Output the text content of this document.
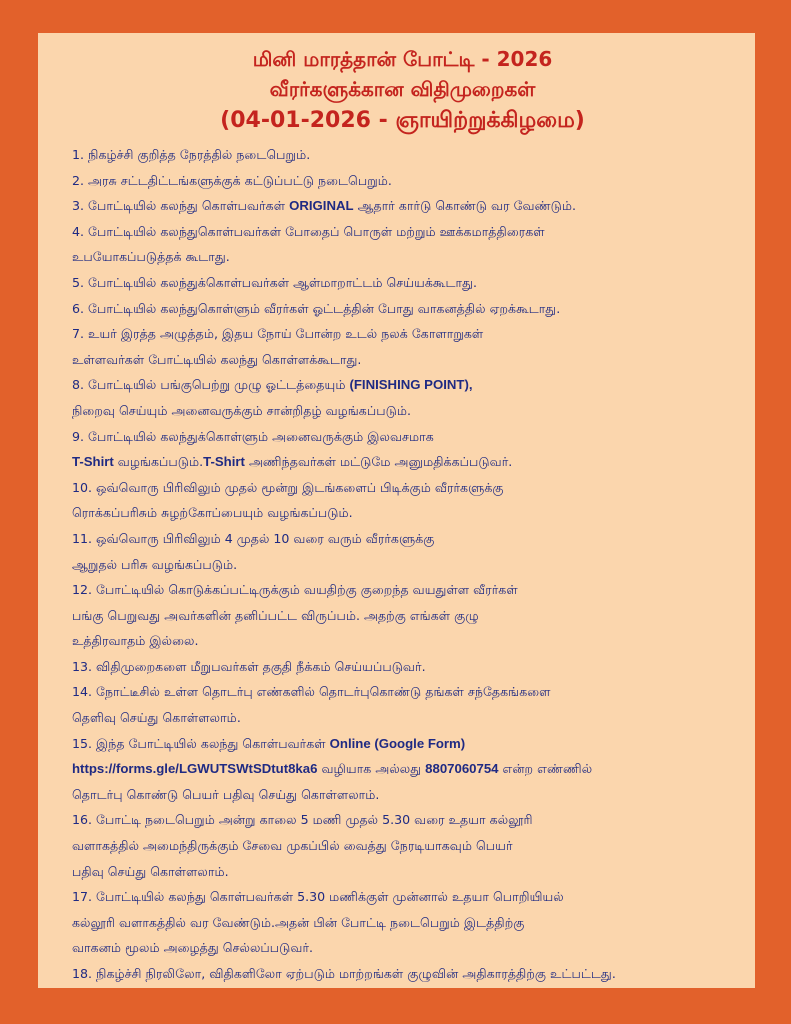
மினி மாரத்தான் போட்டி - 2026

வீரர்களுக்கான விதிமுறைகள்

(04-01-2026 - ஞாயிற்றுக்கிழமை)

1. நிகழ்ச்சி குறித்த நேரத்தில் நடைபெறும்.
2. அரசு சட்டதிட்டங்களுக்குக் கட்டுப்பட்டு நடைபெறும்.
3. போட்டியில் கலந்து கொள்பவர்கள் ORIGINAL ஆதார் கார்டு கொண்டு வர வேண்டும்.
4. போட்டியில் கலந்துகொள்பவர்கள் போதைப் பொருள் மற்றும் ஊக்கமாத்திரைகள்
உபயோகப்படுத்தக் கூடாது.
5. போட்டியில் கலந்துக்கொள்பவர்கள் ஆள்மாறாட்டம் செய்யக்கூடாது.
6. போட்டியில் கலந்துகொள்ளும் வீரர்கள் ஓட்டத்தின் போது வாகனத்தில் ஏறக்கூடாது.
7. உயர் இரத்த அழுத்தம், இதய நோய் போன்ற உடல் நலக் கோளாறுகள்
உள்ளவர்கள் போட்டியில் கலந்து கொள்ளக்கூடாது.
8. போட்டியில் பங்குபெற்று முழு ஓட்டத்தையும் (FINISHING POINT),
நிறைவு செய்யும் அனைவருக்கும் சான்றிதழ் வழங்கப்படும்.
9. போட்டியில் கலந்துக்கொள்ளும் அனைவருக்கும் இலவசமாக
T-Shirt வழங்கப்படும்.T-Shirt அணிந்தவர்கள் மட்டுமே அனுமதிக்கப்படுவர்.
10. ஒவ்வொரு பிரிவிலும் முதல் மூன்று இடங்களைப் பிடிக்கும் வீரர்களுக்கு
ரொக்கப்பரிசும் சுழற்கோப்பையும் வழங்கப்படும்.
11. ஒவ்வொரு பிரிவிலும் 4 முதல் 10 வரை வரும் வீரர்களுக்கு
ஆறுதல் பரிசு வழங்கப்படும்.
12. போட்டியில் கொடுக்கப்பட்டிருக்கும் வயதிற்கு குறைந்த வயதுள்ள வீரர்கள்
பங்கு பெறுவது அவர்களின் தனிப்பட்ட விருப்பம். அதற்கு எங்கள் குழு
உத்திரவாதம் இல்லை.
13. விதிமுறைகளை மீறுபவர்கள் தகுதி நீக்கம் செய்யப்படுவர்.
14. நோட்டீசில் உள்ள தொடர்பு எண்களில் தொடர்புகொண்டு தங்கள் சந்தேகங்களை
தெளிவு செய்து கொள்ளலாம்.
15. இந்த போட்டியில் கலந்து கொள்பவர்கள் Online (Google Form)
https://forms.gle/LGWUTSWtSDtut8ka6 வழியாக அல்லது 8807060754 என்ற எண்ணில்
தொடர்பு கொண்டு பெயர் பதிவு செய்து கொள்ளலாம்.
16. போட்டி நடைபெறும் அன்று காலை 5 மணி முதல் 5.30 வரை உதயா கல்லூரி
வளாகத்தில் அமைந்திருக்கும் சேவை முகப்பில் வைத்து நேரடியாகவும் பெயர்
பதிவு செய்து கொள்ளலாம்.
17. போட்டியில் கலந்து கொள்பவர்கள் 5.30 மணிக்குள் முன்னால் உதயா பொறியியல்
கல்லூரி வளாகத்தில் வர வேண்டும்.அதன் பின் போட்டி நடைபெறும் இடத்திற்கு
வாகனம் மூலம் அழைத்து செல்லப்படுவர்.
18. நிகழ்ச்சி நிரலிலோ, விதிகளிலோ ஏற்படும் மாற்றங்கள் குழுவின் அதிகாரத்திற்கு உட்பட்டது.
